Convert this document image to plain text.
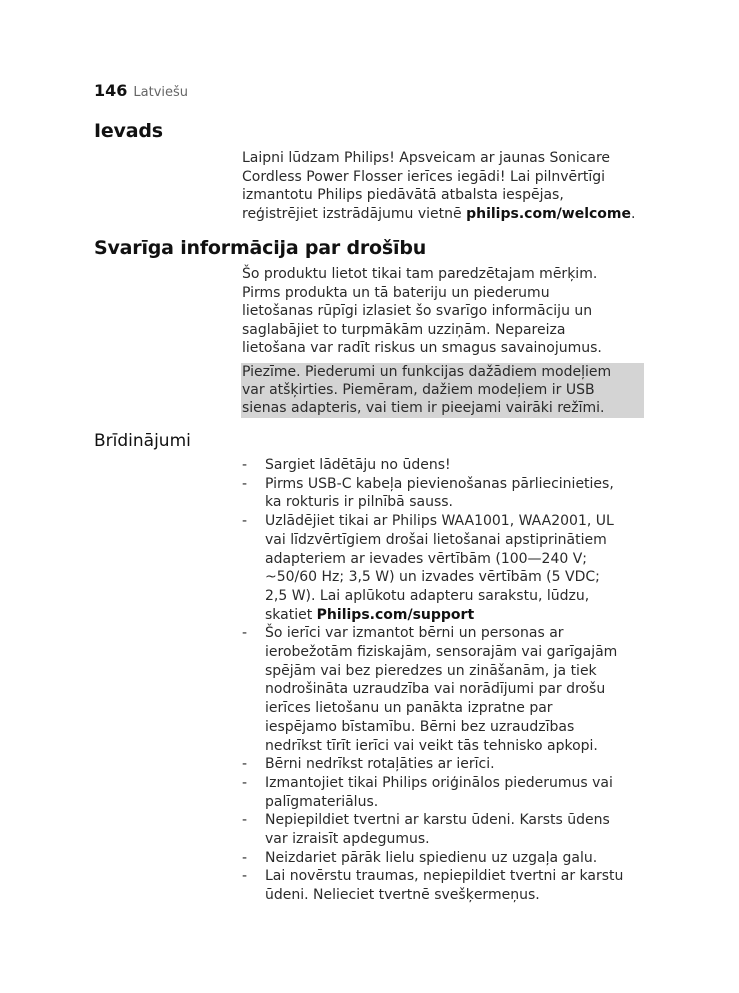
146 Latviešu
Ievads
Laipni lūdzam Philips! Apsveicam ar jaunas Sonicare
Cordless Power Flosser ierīces iegādi! Lai pilnvērtīgi
izmantotu Philips piedāvātā atbalsta iespējas,
reģistrējiet izstrādājumu vietnē philips.com/welcome.
Svarīga informācija par drošību
Šo produktu lietot tikai tam paredzētajam mērķim.
Pirms produkta un tā bateriju un piederumu
lietošanas rūpīgi izlasiet šo svarīgo informāciju un
saglabājiet to turpmākām uzziņām. Nepareiza
lietošana var radīt riskus un smagus savainojumus.
Piezīme. Piederumi un funkcijas dažādiem modeļiem
var atšķirties. Piemēram, dažiem modeļiem ir USB
sienas adapteris, vai tiem ir pieejami vairāki režīmi.
Brīdinājumi
- Sargiet lādētāju no ūdens!
- Pirms USB-C kabeļa pievienošanas pārliecinieties,
ka rokturis ir pilnībā sauss.
- Uzlādējiet tikai ar Philips WAA1001, WAA2001, UL
vai līdzvērtīgiem drošai lietošanai apstiprinātiem
adapteriem ar ievades vērtībām (100—240 V;
~50/60 Hz; 3,5 W) un izvades vērtībām (5 VDC;
2,5 W). Lai aplūkotu adapteru sarakstu, lūdzu,
skatiet Philips.com/support
- Šo ierīci var izmantot bērni un personas ar
ierobežotām fiziskajām, sensorajām vai garīgajām
spējām vai bez pieredzes un zināšanām, ja tiek
nodrošināta uzraudzība vai norādījumi par drošu
ierīces lietošanu un panākta izpratne par
iespējamo bīstamību. Bērni bez uzraudzības
nedrīkst tīrīt ierīci vai veikt tās tehnisko apkopi.
- Bērni nedrīkst rotaļāties ar ierīci.
- Izmantojiet tikai Philips oriģinālos piederumus vai
palīgmateriālus.
- Nepiepildiet tvertni ar karstu ūdeni. Karsts ūdens
var izraisīt apdegumus.
- Neizdariet pārāk lielu spiedienu uz uzgaļa galu.
- Lai novērstu traumas, nepiepildiet tvertni ar karstu
ūdeni. Nelieciet tvertnē svešķermeņus.
